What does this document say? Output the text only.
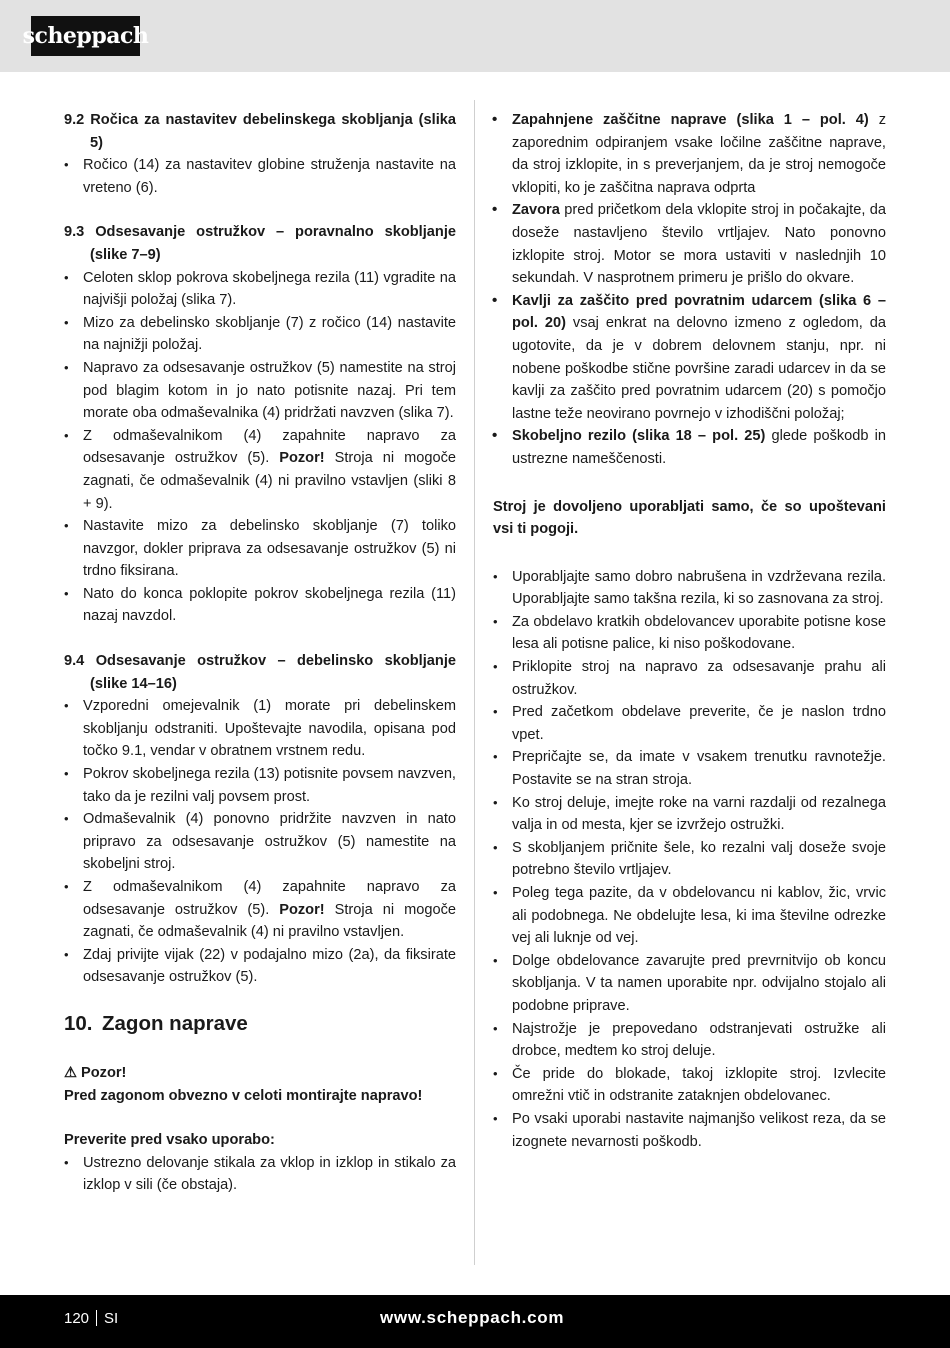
scheppach
9.2 Ročica za nastavitev debelinskega skobljanja (slika 5)
• Ročico (14) za nastavitev globine struženja nastavite na vreteno (6).
9.3 Odsesavanje ostružkov – poravnalno skobljanje (slike 7–9)
• Celoten sklop pokrova skobeljnega rezila (11) vgradite na najvišji položaj (slika 7).
• Mizo za debelinsko skobljanje (7) z ročico (14) nastavite na najnižji položaj.
• Napravo za odsesavanje ostružkov (5) namestite na stroj pod blagim kotom in jo nato potisnite nazaj. Pri tem morate oba odmaševalnika (4) pridržati navzven (slika 7).
• Z odmaševalnikom (4) zapahnite napravo za odsesavanje ostružkov (5). Pozor! Stroja ni mogoče zagnati, če odmaševalnik (4) ni pravilno vstavljen (sliki 8 + 9).
• Nastavite mizo za debelinsko skobljanje (7) toliko navzgor, dokler priprava za odsesavanje ostružkov (5) ni trdno fiksirana.
• Nato do konca poklopite pokrov skobeljnega rezila (11) nazaj navzdol.
9.4 Odsesavanje ostružkov – debelinsko skobljanje (slike 14–16)
• Vzporedni omejevalnik (1) morate pri debelinskem skobljanju odstraniti. Upoštevajte navodila, opisana pod točko 9.1, vendar v obratnem vrstnem redu.
• Pokrov skobeljnega rezila (13) potisnite povsem navzven, tako da je rezilni valj povsem prost.
• Odmaševalnik (4) ponovno pridržite navzven in nato pripravo za odsesavanje ostružkov (5) namestite na skobeljni stroj.
• Z odmaševalnikom (4) zapahnite napravo za odsesavanje ostružkov (5). Pozor! Stroja ni mogoče zagnati, če odmaševalnik (4) ni pravilno vstavljen.
• Zdaj privijte vijak (22) v podajalno mizo (2a), da fiksirate odsesavanje ostružkov (5).
10. Zagon naprave
⚠ Pozor!
Pred zagonom obvezno v celoti montirajte napravo!
Preverite pred vsako uporabo:
• Ustrezno delovanje stikala za vklop in izklop in stikalo za izklop v sili (če obstaja).
• Zapahnjene zaščitne naprave (slika 1 – pol. 4) z zaporednim odpiranjem vsake ločilne zaščitne naprave, da stroj izklopite, in s preverjanjem, da je stroj nemogoče vklopiti, ko je zaščitna naprava odprta
• Zavora pred pričetkom dela vklopite stroj in počakajte, da doseže nastavljeno število vrtljajev. Nato ponovno izklopite stroj. Motor se mora ustaviti v naslednjih 10 sekundah. V nasprotnem primeru je prišlo do okvare.
• Kavlji za zaščito pred povratnim udarcem (slika 6 – pol. 20) vsaj enkrat na delovno izmeno z ogledom, da ugotovite, da je v dobrem delovnem stanju, npr. ni nobene poškodbe stične površine zaradi udarcev in da se kavlji za zaščito pred povratnim udarcem (20) s pomočjo lastne teže neovirano povrnejo v izhodiščni položaj;
• Skobeljno rezilo (slika 18 – pol. 25) glede poškodb in ustrezne nameščenosti.
Stroj je dovoljeno uporabljati samo, če so upoštevani vsi ti pogoji.
• Uporabljajte samo dobro nabrušena in vzdrževana rezila. Uporabljajte samo takšna rezila, ki so zasnovana za stroj.
• Za obdelavo kratkih obdelovancev uporabite potisne kose lesa ali potisne palice, ki niso poškodovane.
• Priklopite stroj na napravo za odsesavanje prahu ali ostružkov.
• Pred začetkom obdelave preverite, če je naslon trdno vpet.
• Prepričajte se, da imate v vsakem trenutku ravnotežje. Postavite se na stran stroja.
• Ko stroj deluje, imejte roke na varni razdalji od rezalnega valja in od mesta, kjer se izvržejo ostružki.
• S skobljanjem pričnite šele, ko rezalni valj doseže svoje potrebno število vrtljajev.
• Poleg tega pazite, da v obdelovancu ni kablov, žic, vrvic ali podobnega. Ne obdelujte lesa, ki ima številne odrezke vej ali luknje od vej.
• Dolge obdelovance zavarujte pred prevrnitvijo ob koncu skobljanja. V ta namen uporabite npr. odvijalno stojalo ali podobne priprave.
• Najstrožje je prepovedano odstranjevati ostružke ali drobce, medtem ko stroj deluje.
• Če pride do blokade, takoj izklopite stroj. Izvlecite omrežni vtič in odstranite zataknjen obdelovanec.
• Po vsaki uporabi nastavite najmanjšo velikost reza, da se izognete nevarnosti poškodb.
120 SI	www.scheppach.com
